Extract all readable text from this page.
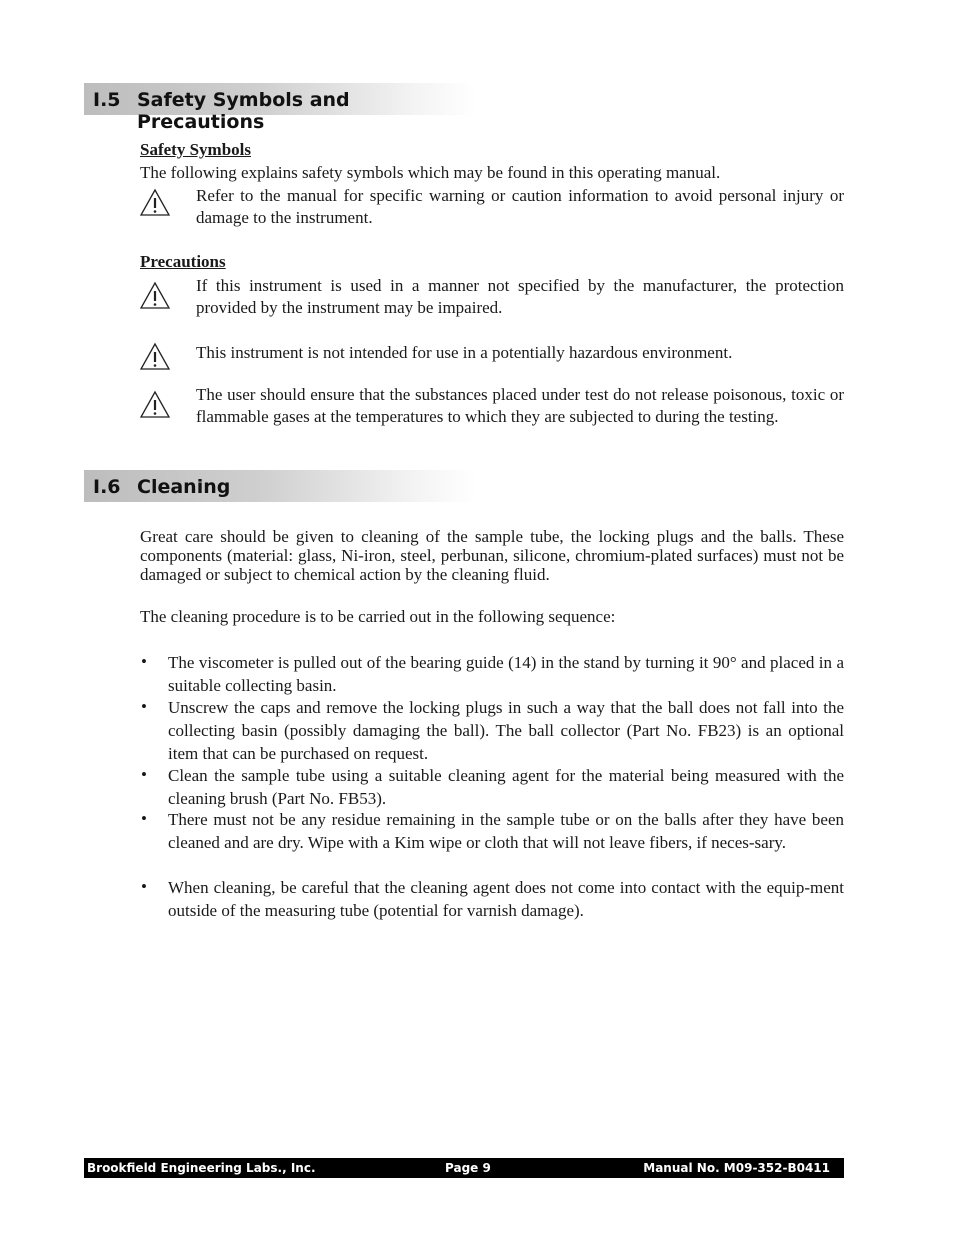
I.5 Safety Symbols and Precautions
Safety Symbols
The following explains safety symbols which may be found in this operating manual.
Refer to the manual for specific warning or caution information to avoid personal injury or damage to the instrument.
Precautions
If this instrument is used in a manner not specified by the manufacturer, the protection provided by the instrument may be impaired.
This instrument is not intended for use in a potentially hazardous environment.
The user should ensure that the substances placed under test do not release poisonous, toxic or flammable gases at the temperatures to which they are subjected to during the testing.
I.6 Cleaning
Great care should be given to cleaning of the sample tube, the locking plugs and the balls. These components (material: glass, Ni-iron, steel, perbunan, silicone, chromium-plated surfaces) must not be damaged or subject to chemical action by the cleaning fluid.
The cleaning procedure is to be carried out in the following sequence:
• The viscometer is pulled out of the bearing guide (14) in the stand by turning it 90° and placed in a suitable collecting basin.
• Unscrew the caps and remove the locking plugs in such a way that the ball does not fall into the collecting basin (possibly damaging the ball). The ball collector (Part No. FB23) is an optional item that can be purchased on request.
• Clean the sample tube using a suitable cleaning agent for the material being measured with the cleaning brush (Part No. FB53).
• There must not be any residue remaining in the sample tube or on the balls after they have been cleaned and are dry. Wipe with a Kim wipe or cloth that will not leave fibers, if neces-sary.
• When cleaning, be careful that the cleaning agent does not come into contact with the equip-ment outside of the measuring tube (potential for varnish damage).
Brookfield Engineering Labs., Inc.	Page 9	Manual No. M09-352-B0411
